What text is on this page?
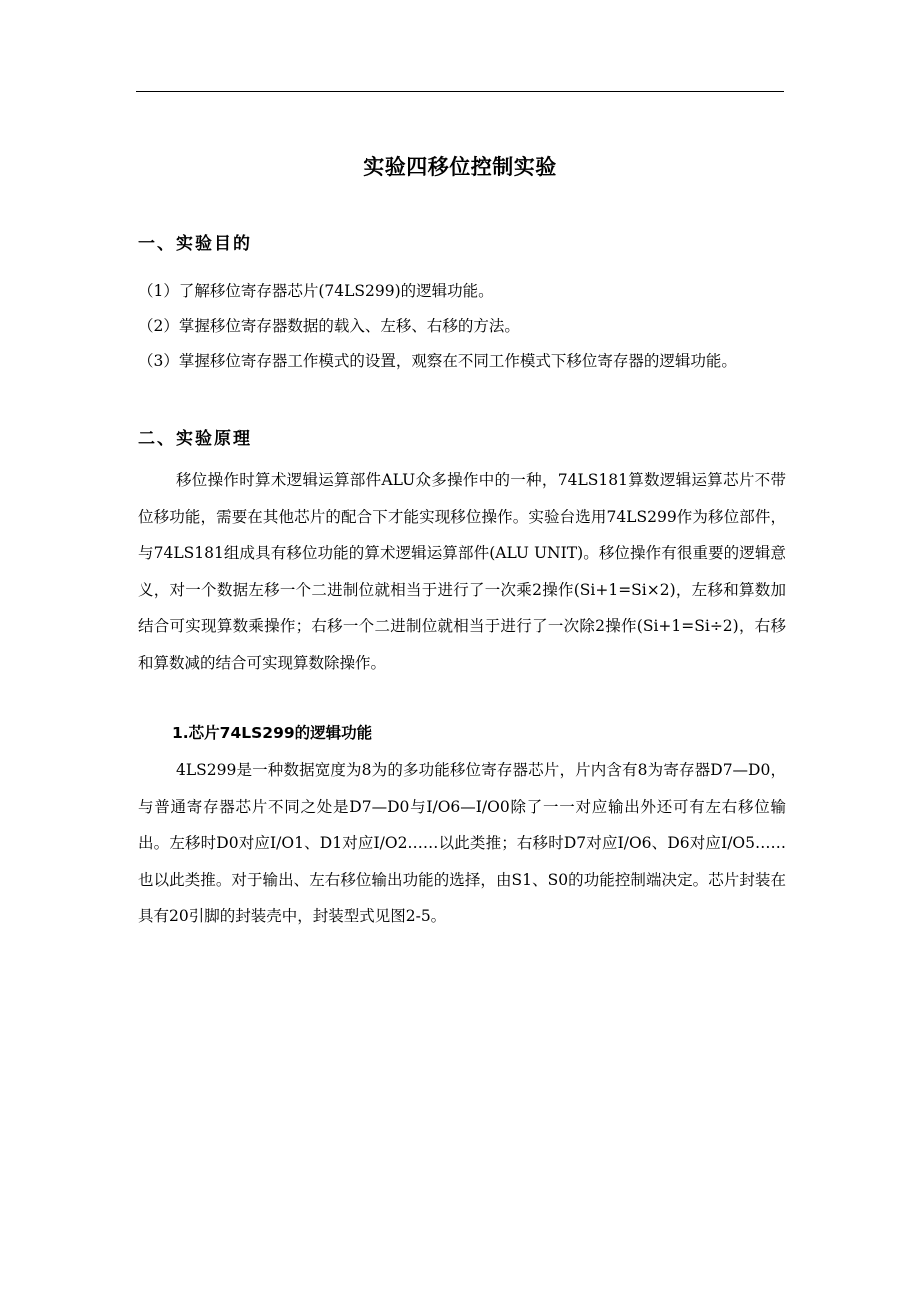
实验四移位控制实验
一、实验目的
（1）了解移位寄存器芯片(74LS299)的逻辑功能。
（2）掌握移位寄存器数据的载入、左移、右移的方法。
（3）掌握移位寄存器工作模式的设置，观察在不同工作模式下移位寄存器的逻辑功能。
二、实验原理

移位操作时算术逻辑运算部件ALU众多操作中的一种，74LS181算数逻辑运算芯片不带位移功能，需要在其他芯片的配合下才能实现移位操作。实验台选用74LS299作为移位部件，与74LS181组成具有移位功能的算术逻辑运算部件(ALU UNIT)。移位操作有很重要的逻辑意义，对一个数据左移一个二进制位就相当于进行了一次乘2操作(Si+1=Si×2)，左移和算数加结合可实现算数乘操作；右移一个二进制位就相当于进行了一次除2操作(Si+1=Si÷2)，右移和算数减的结合可实现算数除操作。

1.芯片74LS299的逻辑功能

4LS299是一种数据宽度为8为的多功能移位寄存器芯片，片内含有8为寄存器D7—D0，与普通寄存器芯片不同之处是D7—D0与I/O6—I/O0除了一一对应输出外还可有左右移位输出。左移时D0对应I/O1、D1对应I/O2……以此类推；右移时D7对应I/O6、D6对应I/O5……也以此类推。对于输出、左右移位输出功能的选择，由S1、S0的功能控制端决定。芯片封装在具有20引脚的封装壳中，封装型式见图2-5。
